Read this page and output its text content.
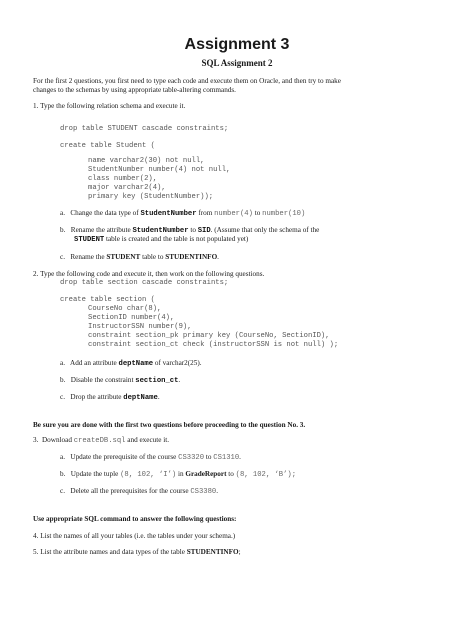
Assignment 3
SQL Assignment 2
For the first 2 questions, you first need to type each code and execute them on Oracle, and then try to make
changes to the schemas by using appropriate table-altering commands.
1. Type the following relation schema and execute it.
drop table STUDENT cascade constraints;
create table Student (
name varchar2(30) not null,
StudentNumber number(4) not null,
class number(2),
major varchar2(4),
primary key (StudentNumber));
a. Change the data type of StudentNumber from number(4) to number(10)
b. Rename the attribute StudentNumber to SID. (Assume that only the schema of the
STUDENT table is created and the table is not populated yet)
c. Rename the STUDENT table to STUDENTINFO.
2. Type the following code and execute it, then work on the following questions.
drop table section cascade constraints;
create table section (
CourseNo char(8),
SectionID number(4),
InstructorSSN number(9),
constraint section_pk primary key (CourseNo, SectionID),
constraint section_ct check (instructorSSN is not null) );
a. Add an attribute deptName of varchar2(25).
b. Disable the constraint section_ct.
c. Drop the attribute deptName.
Be sure you are done with the first two questions before proceeding to the question No. 3.
3. Download createDB.sql and execute it.
a. Update the prerequisite of the course CS3320 to CS1310.
b. Update the tuple (8, 102, ‘I’) in GradeReport to (8, 102, ‘B’);
c. Delete all the prerequisites for the course CS3380.
Use appropriate SQL command to answer the following questions:
4. List the names of all your tables (i.e. the tables under your schema.)
5. List the attribute names and data types of the table STUDENTINFO;
